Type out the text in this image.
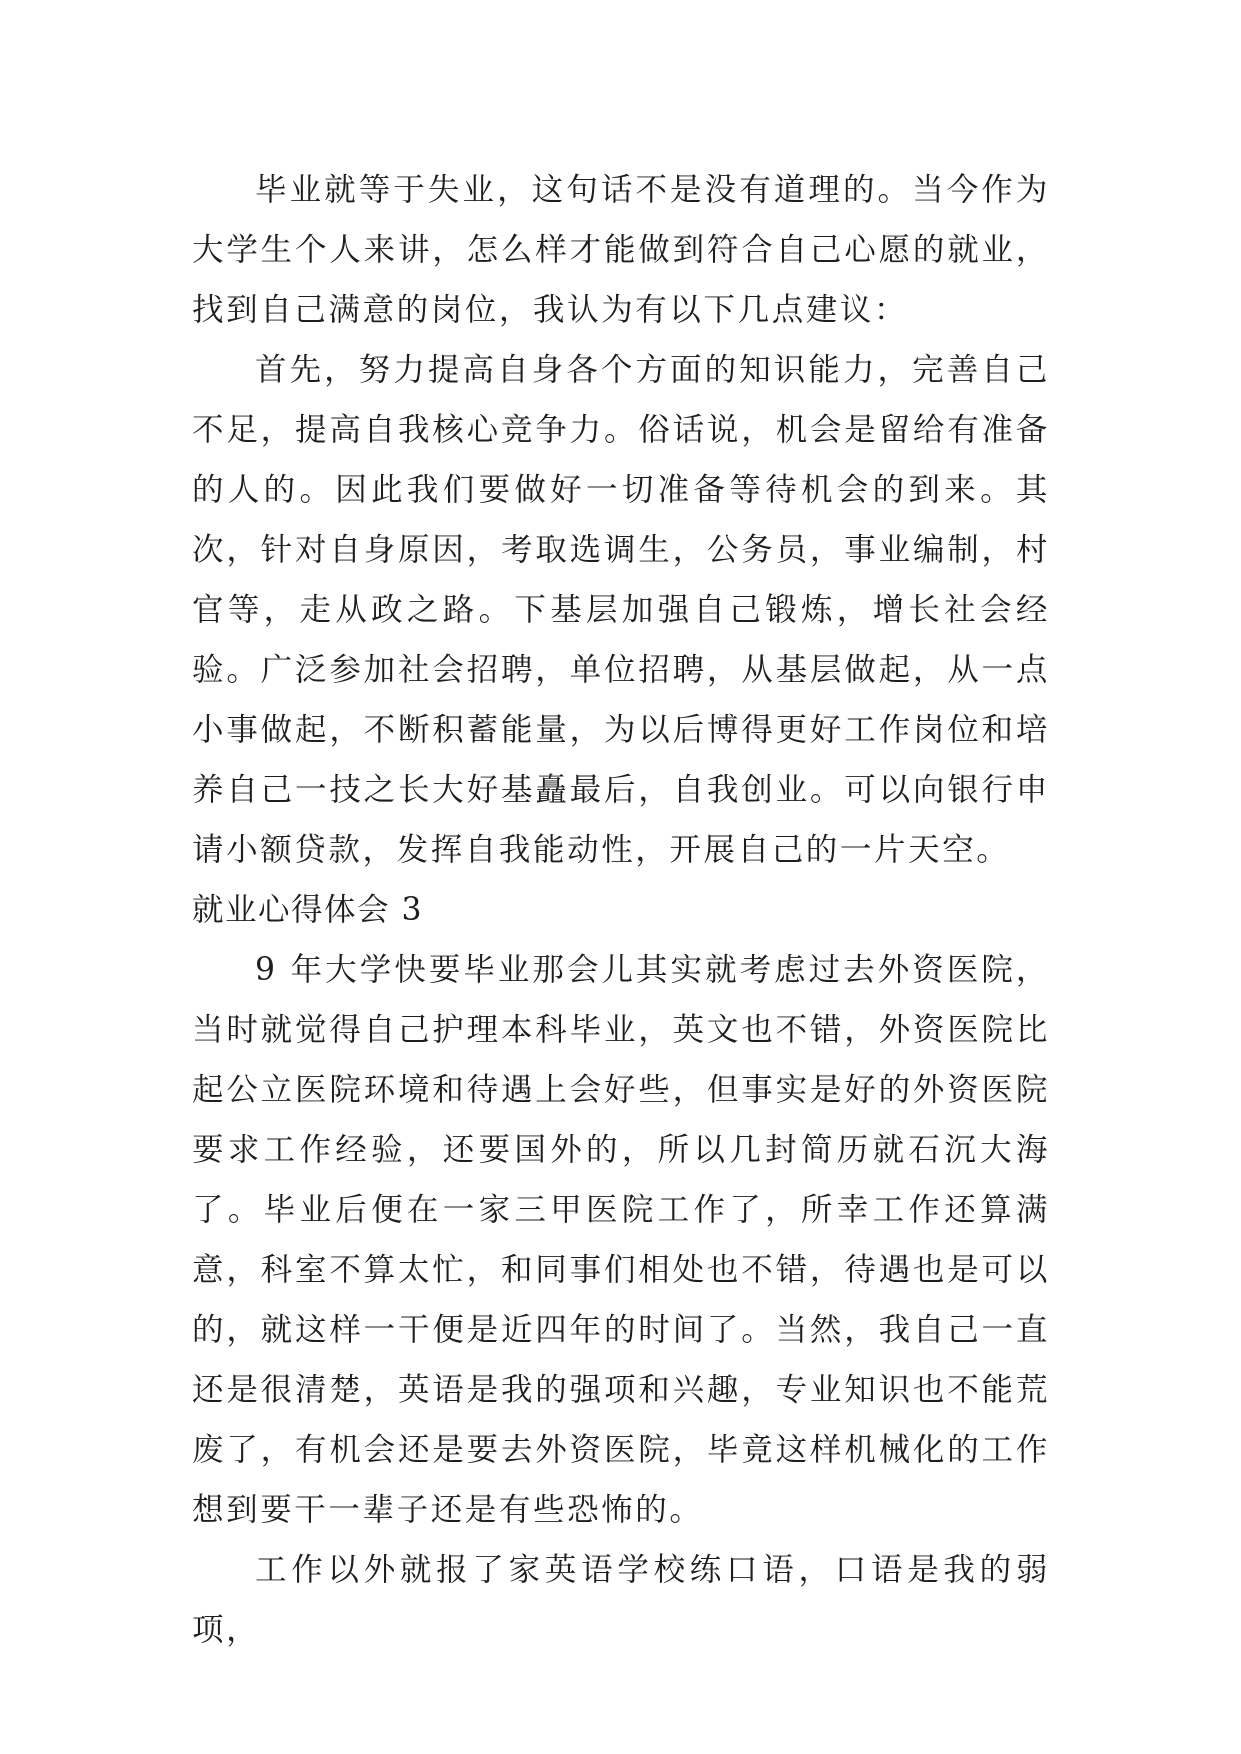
毕业就等于失业，这句话不是没有道理的。当今作为大学生个人来讲，怎么样才能做到符合自己心愿的就业，找到自己满意的岗位，我认为有以下几点建议：

首先，努力提高自身各个方面的知识能力，完善自己不足，提高自我核心竞争力。俗话说，机会是留给有准备的人的。因此我们要做好一切准备等待机会的到来。其次，针对自身原因，考取选调生，公务员，事业编制，村官等，走从政之路。下基层加强自己锻炼，增长社会经验。广泛参加社会招聘，单位招聘，从基层做起，从一点小事做起，不断积蓄能量，为以后博得更好工作岗位和培养自己一技之长大好基矗最后，自我创业。可以向银行申请小额贷款，发挥自我能动性，开展自己的一片天空。

就业心得体会 3

9 年大学快要毕业那会儿其实就考虑过去外资医院，当时就觉得自己护理本科毕业，英文也不错，外资医院比起公立医院环境和待遇上会好些，但事实是好的外资医院要求工作经验，还要国外的，所以几封简历就石沉大海了。毕业后便在一家三甲医院工作了，所幸工作还算满意，科室不算太忙，和同事们相处也不错，待遇也是可以的，就这样一干便是近四年的时间了。当然，我自己一直还是很清楚，英语是我的强项和兴趣，专业知识也不能荒废了，有机会还是要去外资医院，毕竟这样机械化的工作想到要干一辈子还是有些恐怖的。

工作以外就报了家英语学校练口语，口语是我的弱项，
